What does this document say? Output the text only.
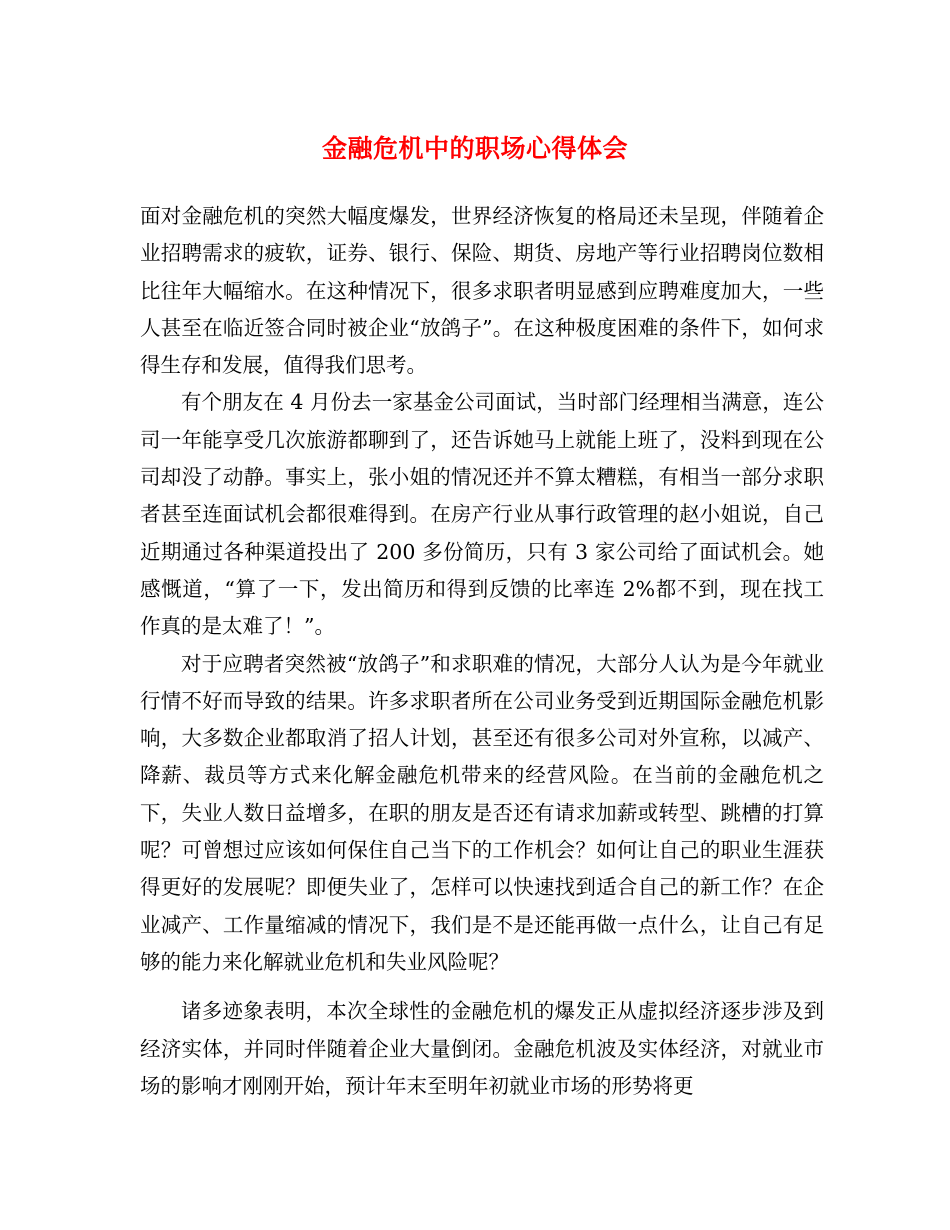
金融危机中的职场心得体会

面对金融危机的突然大幅度爆发，世界经济恢复的格局还未呈现，伴随着企业招聘需求的疲软，证券、银行、保险、期货、房地产等行业招聘岗位数相比往年大幅缩水。在这种情况下，很多求职者明显感到应聘难度加大，一些人甚至在临近签合同时被企业“放鸽子”。在这种极度困难的条件下，如何求得生存和发展，值得我们思考。

有个朋友在 4 月份去一家基金公司面试，当时部门经理相当满意，连公司一年能享受几次旅游都聊到了，还告诉她马上就能上班了，没料到现在公司却没了动静。事实上，张小姐的情况还并不算太糟糕，有相当一部分求职者甚至连面试机会都很难得到。在房产行业从事行政管理的赵小姐说，自己近期通过各种渠道投出了 200 多份简历，只有 3 家公司给了面试机会。她感慨道，“算了一下，发出简历和得到反馈的比率连 2%都不到，现在找工作真的是太难了！”。

对于应聘者突然被“放鸽子”和求职难的情况，大部分人认为是今年就业行情不好而导致的结果。许多求职者所在公司业务受到近期国际金融危机影响，大多数企业都取消了招人计划，甚至还有很多公司对外宣称，以减产、降薪、裁员等方式来化解金融危机带来的经营风险。在当前的金融危机之下，失业人数日益增多，在职的朋友是否还有请求加薪或转型、跳槽的打算呢？可曾想过应该如何保住自己当下的工作机会？如何让自己的职业生涯获得更好的发展呢？即便失业了，怎样可以快速找到适合自己的新工作？在企业减产、工作量缩减的情况下，我们是不是还能再做一点什么，让自己有足够的能力来化解就业危机和失业风险呢？

诸多迹象表明，本次全球性的金融危机的爆发正从虚拟经济逐步涉及到经济实体，并同时伴随着企业大量倒闭。金融危机波及实体经济，对就业市场的影响才刚刚开始，预计年末至明年初就业市场的形势将更
